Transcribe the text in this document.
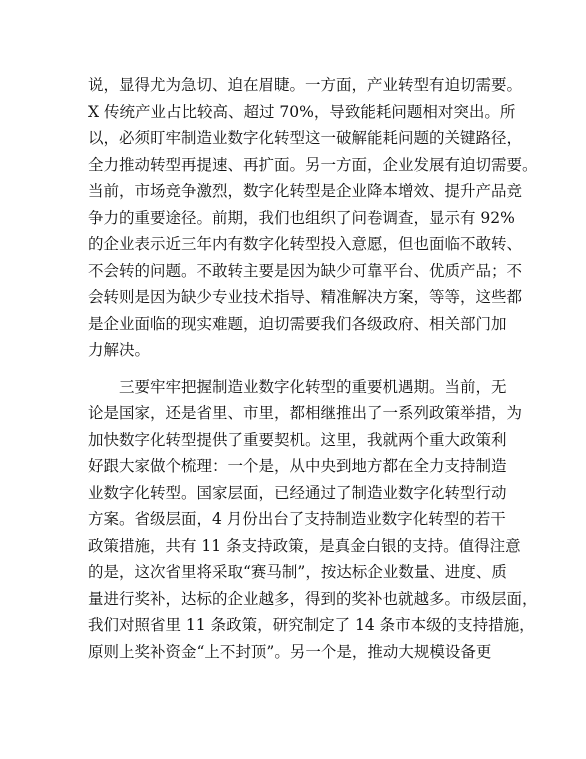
说，显得尤为急切、迫在眉睫。一方面，产业转型有迫切需要。
X 传统产业占比较高、超过 70%，导致能耗问题相对突出。所
以，必须盯牢制造业数字化转型这一破解能耗问题的关键路径，
全力推动转型再提速、再扩面。另一方面，企业发展有迫切需要。
当前，市场竞争激烈，数字化转型是企业降本增效、提升产品竞
争力的重要途径。前期，我们也组织了问卷调查，显示有 92%
的企业表示近三年内有数字化转型投入意愿，但也面临不敢转、
不会转的问题。不敢转主要是因为缺少可靠平台、优质产品；不
会转则是因为缺少专业技术指导、精准解决方案，等等，这些都
是企业面临的现实难题，迫切需要我们各级政府、相关部门加
力解决。
三要牢牢把握制造业数字化转型的重要机遇期。当前，无
论是国家，还是省里、市里，都相继推出了一系列政策举措，为
加快数字化转型提供了重要契机。这里，我就两个重大政策利
好跟大家做个梳理：一个是，从中央到地方都在全力支持制造
业数字化转型。国家层面，已经通过了制造业数字化转型行动
方案。省级层面，4 月份出台了支持制造业数字化转型的若干
政策措施，共有 11 条支持政策，是真金白银的支持。值得注意
的是，这次省里将采取“赛马制”，按达标企业数量、进度、质
量进行奖补，达标的企业越多，得到的奖补也就越多。市级层面，
我们对照省里 11 条政策，研究制定了 14 条市本级的支持措施，
原则上奖补资金“上不封顶”。另一个是，推动大规模设备更
